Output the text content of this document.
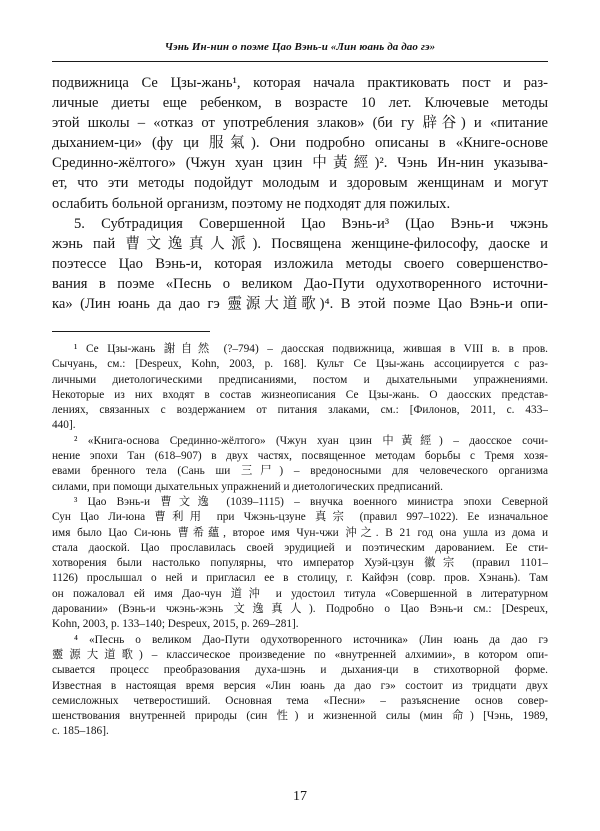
Чэнь Ин-нин о поэме Цао Вэнь-и «Лин юань да дао гэ»
подвижница Се Цзы-жань¹, которая начала практиковать пост и раз-
личные диеты еще ребенком, в возрасте 10 лет. Ключевые методы
этой школы – «отказ от употребления злаков» (би гу 辟谷) и «питание
дыханием-ци» (фу ци 服氣). Они подробно описаны в «Книге-основе
Срединно-жёлтого» (Чжун хуан цзин 中黃經)². Чэнь Ин-нин указыва-
ет, что эти методы подойдут молодым и здоровым женщинам и могут
ослабить больной организм, поэтому не подходят для пожилых.
5. Субтрадиция Совершенной Цао Вэнь-и³ (Цао Вэнь-и чжэнь
жэнь пай 曹文逸真人派). Посвящена женщине-философу, даоске и
поэтессе Цао Вэнь-и, которая изложила методы своего совершенство-
вания в поэме «Песнь о великом Дао-Пути одухотворенного источни-
ка» (Лин юань да дао гэ 靈源大道歌)⁴. В этой поэме Цао Вэнь-и опи-
¹ Се Цзы-жань 謝自然 (?–794) – даосская подвижница, жившая в VIII в. в пров.
Сычуань, см.: [Despeux, Kohn, 2003, p. 168]. Культ Се Цзы-жань ассоциируется с раз-
личными диетологическими предписаниями, постом и дыхательными упражнениями.
Некоторые из них входят в состав жизнеописания Се Цзы-жань. О даосских представ-
лениях, связанных с воздержанием от питания злаками, см.: [Филонов, 2011, с. 433–
440].
² «Книга-основа Срединно-жёлтого» (Чжун хуан цзин 中黃經) – даосское сочи-
нение эпохи Тан (618–907) в двух частях, посвященное методам борьбы с Тремя хозя-
евами бренного тела (Сань ши 三尸) – вредоносными для человеческого организма
силами, при помощи дыхательных упражнений и диетологических предписаний.
³ Цао Вэнь-и 曹文逸 (1039–1115) – внучка военного министра эпохи Северной
Сун Цао Ли-юна 曹利用 при Чжэнь-цзуне 真宗 (правил 997–1022). Ее изначальное
имя было Цао Си-юнь 曹希蘊, второе имя Чун-чжи 沖之. В 21 год она ушла из дома и
стала даоской. Цао прославилась своей эрудицией и поэтическим дарованием. Ее сти-
хотворения были настолько популярны, что император Хуэй-цзун 徽宗 (правил 1101–
1126) прослышал о ней и пригласил ее в столицу, г. Кайфэн (совр. пров. Хэнань). Там
он пожаловал ей имя Дао-чун 道沖 и удостоил титула «Совершенной в литературном
даровании» (Вэнь-и чжэнь-жэнь 文逸真人). Подробно о Цао Вэнь-и см.: [Despeux,
Kohn, 2003, p. 133–140; Despeux, 2015, p. 269–281].
⁴ «Песнь о великом Дао-Пути одухотворенного источника» (Лин юань да дао гэ
靈源大道歌) – классическое произведение по «внутренней алхимии», в котором опи-
сывается процесс преобразования духа-шэнь и дыхания-ци в стихотворной форме.
Известная в настоящая время версия «Лин юань да дао гэ» состоит из тридцати двух
семисложных четверостиший. Основная тема «Песни» – разъяснение основ совер-
шенствования внутренней природы (син 性) и жизненной силы (мин 命) [Чэнь, 1989,
с. 185–186].
17
